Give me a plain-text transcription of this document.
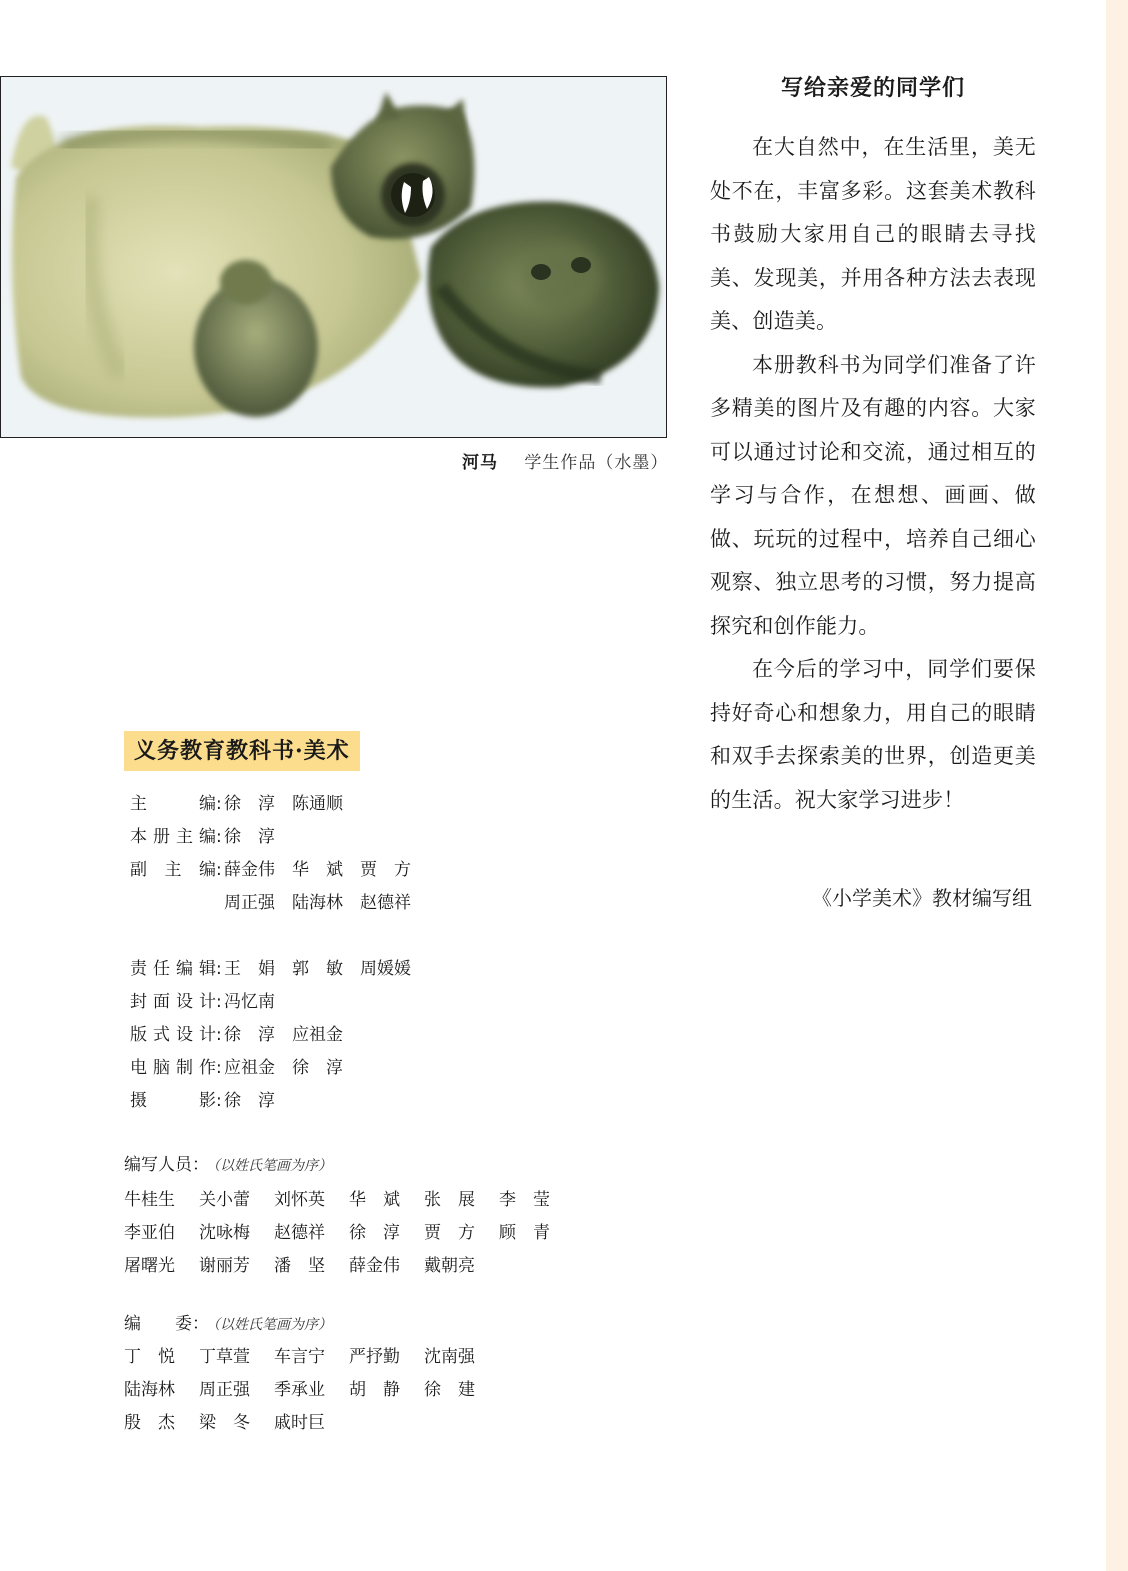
河马 学生作品（水墨）
写给亲爱的同学们

在大自然中，在生活里，美无处不在，丰富多彩。这套美术教科书鼓励大家用自己的眼睛去寻找美、发现美，并用各种方法去表现美、创造美。

本册教科书为同学们准备了许多精美的图片及有趣的内容。大家可以通过讨论和交流，通过相互的学习与合作，在想想、画画、做做、玩玩的过程中，培养自己细心观察、独立思考的习惯，努力提高探究和创作能力。

在今后的学习中，同学们要保持好奇心和想象力，用自己的眼睛和双手去探索美的世界，创造更美的生活。祝大家学习进步！

《小学美术》教材编写组
义务教育教科书·美术
主编 : 徐　淳　陈通顺
本册主编 : 徐　淳
副主编 : 薛金伟　华　斌　贾　方
周正强　陆海林　赵德祥
责任编辑 : 王　娟　郭　敏　周媛媛
封面设计 : 冯忆南
版式设计 : 徐　淳　应祖金
电脑制作 : 应祖金　徐　淳
摄影 : 徐　淳
编写人员： （以姓氏笔画为序）
牛桂生	关小蕾	刘怀英	华　斌	张　展	李　莹
李亚伯	沈咏梅	赵德祥	徐　淳	贾　方	顾　青
屠曙光	谢丽芳	潘　坚	薛金伟	戴朝亮
编　　委： （以姓氏笔画为序）
丁　悦	丁草萱	车言宁	严抒勤	沈南强
陆海林	周正强	季承业	胡　静	徐　建
殷　杰	梁　冬	戚时巨
